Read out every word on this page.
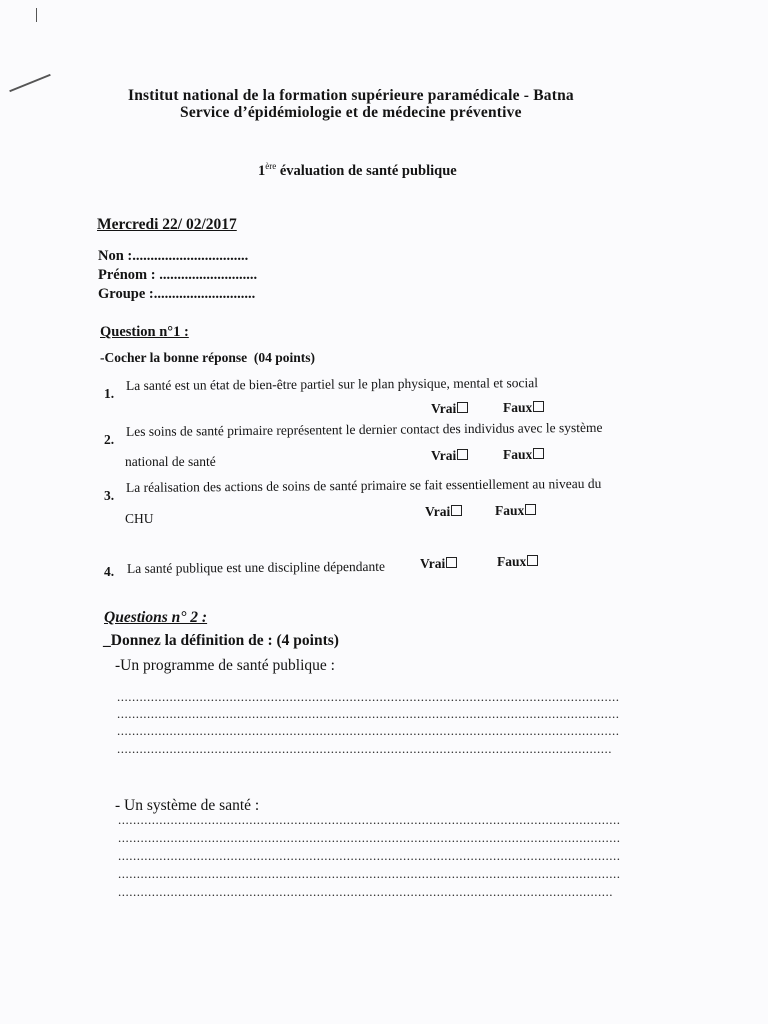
Institut national de la formation supérieure paramédicale - Batna
Service d’épidémiologie et de médecine préventive
1ère évaluation de santé publique
Mercredi 22/ 02/2017
Non :................................
Prénom : ...........................
Groupe :............................
Question n°1 :
-Cocher la bonne réponse (04 points)
1.
La santé est un état de bien-être partiel sur le plan physique, mental et social
Vrai	Faux
2.
Les soins de santé primaire représentent le dernier contact des individus avec le système
national de santé	Vrai	Faux
3.
La réalisation des actions de soins de santé primaire se fait essentiellement au niveau du
CHU	Vrai	Faux
4. La santé publique est une discipline dépendante	Vrai	Faux
Questions n° 2 :
_Donnez la définition de : (4 points)
-Un programme de santé publique :
......................................................................................................................................
......................................................................................................................................
......................................................................................................................................
....................................................................................................................................
- Un système de santé :
......................................................................................................................................
......................................................................................................................................
......................................................................................................................................
......................................................................................................................................
....................................................................................................................................
